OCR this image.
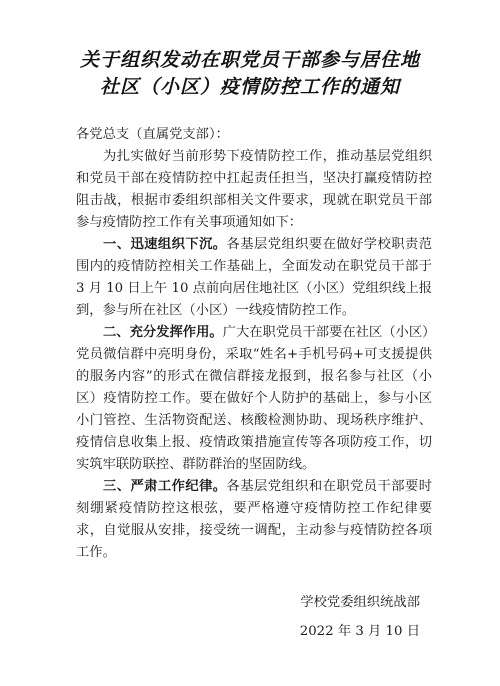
关于组织发动在职党员干部参与居住地
社区（小区）疫情防控工作的通知
各党总支（直属党支部）：
为扎实做好当前形势下疫情防控工作，推动基层党组织
和党员干部在疫情防控中扛起责任担当，坚决打赢疫情防控
阻击战，根据市委组织部相关文件要求，现就在职党员干部
参与疫情防控工作有关事项通知如下：
一、迅速组织下沉。各基层党组织要在做好学校职责范
围内的疫情防控相关工作基础上，全面发动在职党员干部于
3 月 10 日上午 10 点前向居住地社区（小区）党组织线上报
到，参与所在社区（小区）一线疫情防控工作。
二、充分发挥作用。广大在职党员干部要在社区（小区）
党员微信群中亮明身份，采取“姓名+手机号码+可支援提供
的服务内容”的形式在微信群接龙报到，报名参与社区（小
区）疫情防控工作。要在做好个人防护的基础上，参与小区
小门管控、生活物资配送、核酸检测协助、现场秩序维护、
疫情信息收集上报、疫情政策措施宣传等各项防疫工作，切
实筑牢联防联控、群防群治的坚固防线。
三、严肃工作纪律。各基层党组织和在职党员干部要时
刻绷紧疫情防控这根弦，要严格遵守疫情防控工作纪律要
求，自觉服从安排，接受统一调配，主动参与疫情防控各项
工作。
学校党委组织统战部
2022 年 3 月 10 日
